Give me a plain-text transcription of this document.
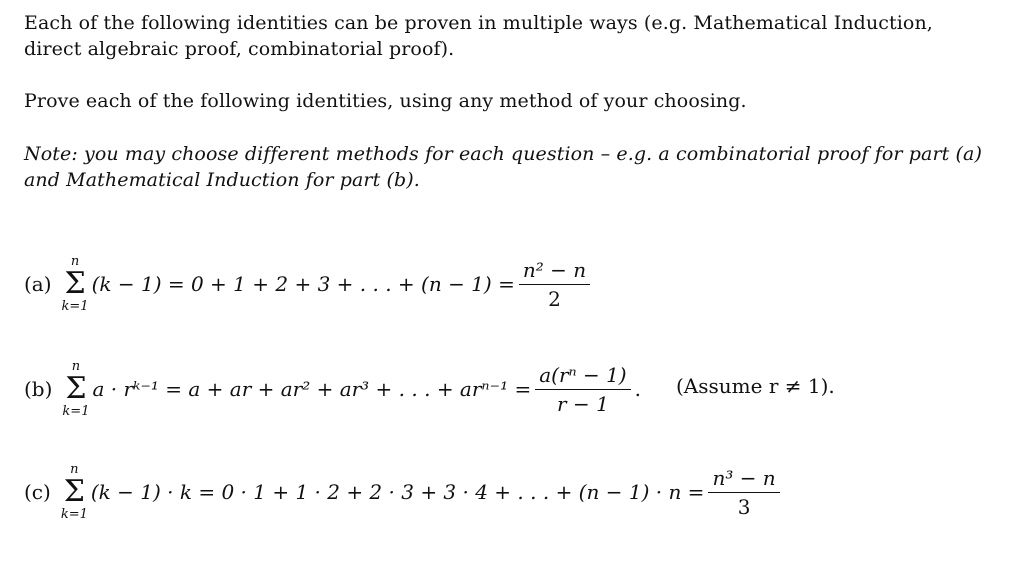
Each of the following identities can be proven in multiple ways (e.g. Mathematical Induction, direct algebraic proof, combinatorial proof).

Prove each of the following identities, using any method of your choosing.

Note: you may choose different methods for each question – e.g. a combinatorial proof for part (a) and Mathematical Induction for part (b).

(a)
n
Σ
k=1
(k − 1) = 0 + 1 + 2 + 3 + . . . + $(n - 1) = \frac{\text{n² − n}}{2}$
(b)
n
Σ
k=1
a · rᵏ⁻¹ = a + ar + ar² + ar³ + . . . + $ar^{n-1} = \frac{\text{a(rⁿ − 1)}}{r - 1}$ . (Assume r ≠ 1).
(c)
n
Σ
k=1
(k − 1) · k = 0 · 1 + 1 · 2 + 2 · 3 + 3 · 4 + . . . + $(n - 1) \cdot n = \frac{\text{n³ − n}}{3}$
